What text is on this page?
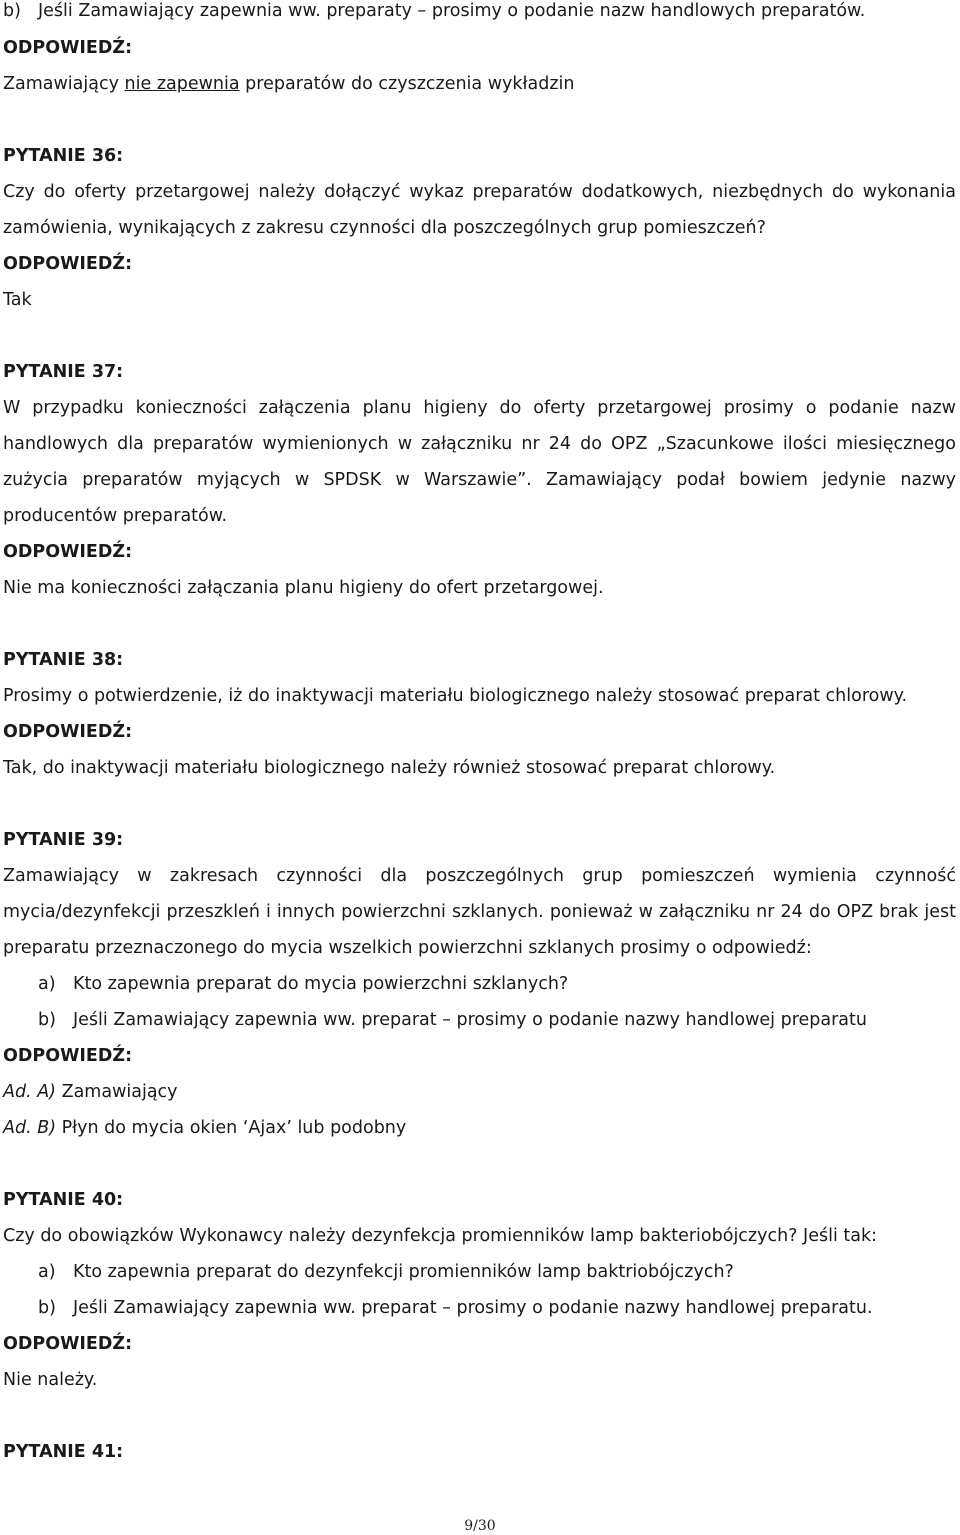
b) Jeśli Zamawiający zapewnia ww. preparaty – prosimy o podanie nazw handlowych preparatów.
ODPOWIEDŹ:
Zamawiający nie zapewnia preparatów do czyszczenia wykładzin
PYTANIE 36:
Czy do oferty przetargowej należy dołączyć wykaz preparatów dodatkowych, niezbędnych do wykonania
zamówienia, wynikających z zakresu czynności dla poszczególnych grup pomieszczeń?
ODPOWIEDŹ:
Tak
PYTANIE 37:
W przypadku konieczności załączenia planu higieny do oferty przetargowej prosimy o podanie nazw
handlowych dla preparatów wymienionych w załączniku nr 24 do OPZ „Szacunkowe ilości miesięcznego
zużycia preparatów myjących w SPDSK w Warszawie”. Zamawiający podał bowiem jedynie nazwy
producentów preparatów.
ODPOWIEDŹ:
Nie ma konieczności załączania planu higieny do ofert przetargowej.
PYTANIE 38:
Prosimy o potwierdzenie, iż do inaktywacji materiału biologicznego należy stosować preparat chlorowy.
ODPOWIEDŹ:
Tak, do inaktywacji materiału biologicznego należy również stosować preparat chlorowy.
PYTANIE 39:
Zamawiający w zakresach czynności dla poszczególnych grup pomieszczeń wymienia czynność
mycia/dezynfekcji przeszkleń i innych powierzchni szklanych. ponieważ w załączniku nr 24 do OPZ brak jest
preparatu przeznaczonego do mycia wszelkich powierzchni szklanych prosimy o odpowiedź:
a) Kto zapewnia preparat do mycia powierzchni szklanych?
b) Jeśli Zamawiający zapewnia ww. preparat – prosimy o podanie nazwy handlowej preparatu
ODPOWIEDŹ:
Ad. A) Zamawiający
Ad. B) Płyn do mycia okien ‘Ajax’ lub podobny
PYTANIE 40:
Czy do obowiązków Wykonawcy należy dezynfekcja promienników lamp bakteriobójczych? Jeśli tak:
a) Kto zapewnia preparat do dezynfekcji promienników lamp baktriobójczych?
b) Jeśli Zamawiający zapewnia ww. preparat – prosimy o podanie nazwy handlowej preparatu.
ODPOWIEDŹ:
Nie należy.
PYTANIE 41:
9/30
